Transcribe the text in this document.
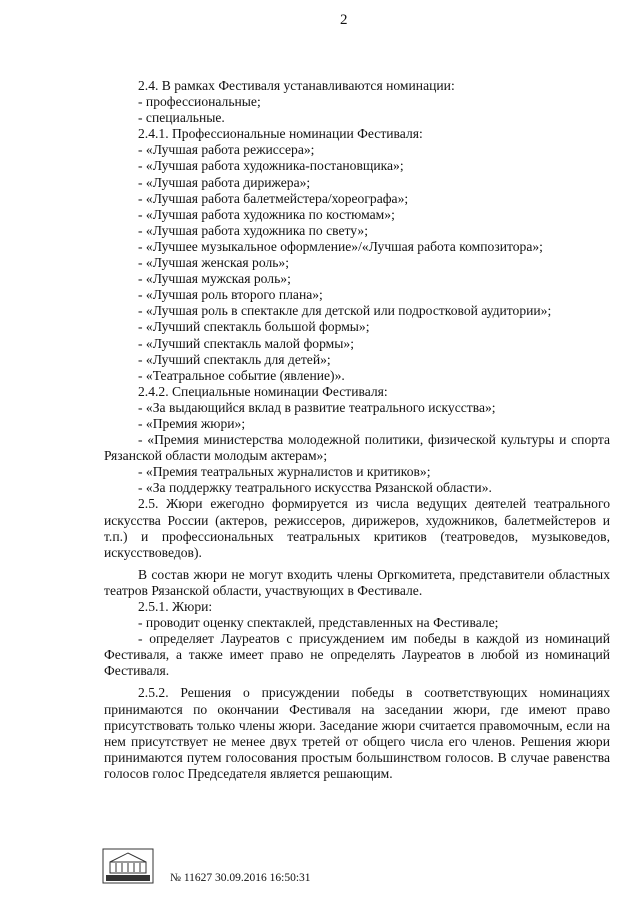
2

2.4. В рамках Фестиваля устанавливаются номинации:

- профессиональные;

- специальные.

2.4.1. Профессиональные номинации Фестиваля:

- «Лучшая работа режиссера»;

- «Лучшая работа художника-постановщика»;

- «Лучшая работа дирижера»;

- «Лучшая работа балетмейстера/хореографа»;

- «Лучшая работа художника по костюмам»;

- «Лучшая работа художника по свету»;

- «Лучшее музыкальное оформление»/«Лучшая работа композитора»;

- «Лучшая женская роль»;

- «Лучшая мужская роль»;

- «Лучшая роль второго плана»;

- «Лучшая роль в спектакле для детской или подростковой аудитории»;

- «Лучший спектакль большой формы»;

- «Лучший спектакль малой формы»;

- «Лучший спектакль для детей»;

- «Театральное событие (явление)».

2.4.2. Специальные номинации Фестиваля:

- «За выдающийся вклад в развитие театрального искусства»;

- «Премия жюри»;

- «Премия министерства молодежной политики, физической культуры и спорта Рязанской области молодым актерам»;

- «Премия театральных журналистов и критиков»;

- «За поддержку театрального искусства Рязанской области».

2.5. Жюри ежегодно формируется из числа ведущих деятелей театрального искусства России (актеров, режиссеров, дирижеров, художников, балетмейстеров и т.п.) и профессиональных театральных критиков (театроведов, музыковедов, искусствоведов).

В состав жюри не могут входить члены Оргкомитета, представители областных театров Рязанской области, участвующих в Фестивале.

2.5.1. Жюри:

- проводит оценку спектаклей, представленных на Фестивале;

- определяет Лауреатов с присуждением им победы в каждой из номинаций Фестиваля, а также имеет право не определять Лауреатов в любой из номинаций Фестиваля.

2.5.2. Решения о присуждении победы в соответствующих номинациях принимаются по окончании Фестиваля на заседании жюри, где имеют право присутствовать только члены жюри. Заседание жюри считается правомочным, если на нем присутствует не менее двух третей от общего числа его членов. Решения жюри принимаются путем голосования простым большинством голосов. В случае равенства голосов голос Председателя является решающим.

№ 11627 30.09.2016 16:50:31
